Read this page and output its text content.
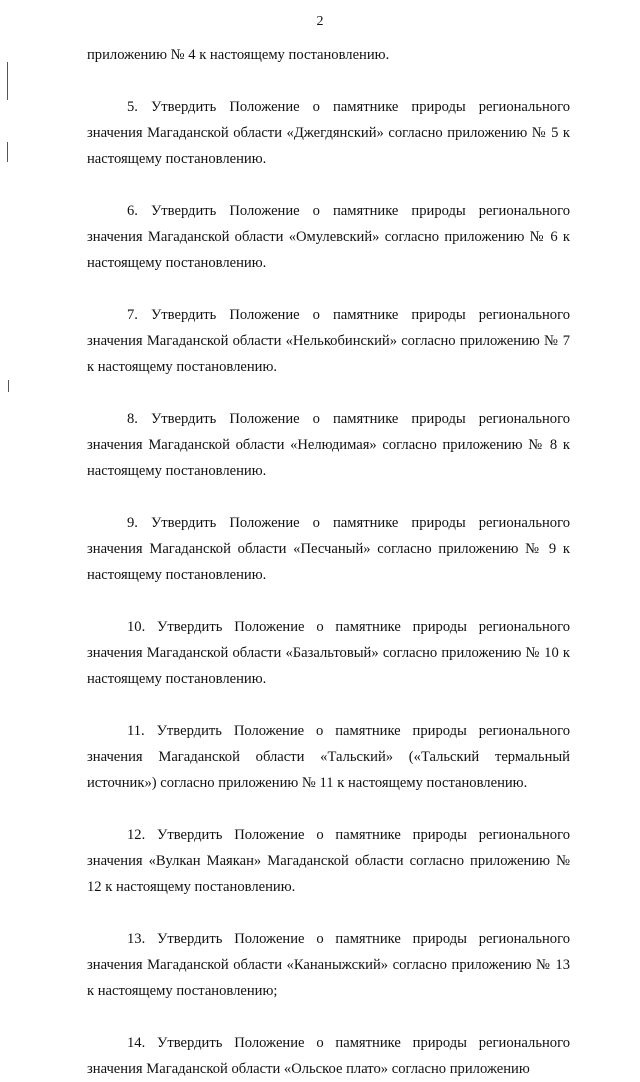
2

приложению № 4 к настоящему постановлению.

5. Утвердить Положение о памятнике природы регионального значения Магаданской области «Джегдянский» согласно приложению № 5 к настоящему постановлению.

6. Утвердить Положение о памятнике природы регионального значения Магаданской области «Омулевский» согласно приложению № 6 к настоящему постановлению.

7. Утвердить Положение о памятнике природы регионального значения Магаданской области «Нелькобинский» согласно приложению № 7 к настоящему постановлению.

8. Утвердить Положение о памятнике природы регионального значения Магаданской области «Нелюдимая» согласно приложению № 8 к настоящему постановлению.

9. Утвердить Положение о памятнике природы регионального значения Магаданской области «Песчаный» согласно приложению № 9 к настоящему постановлению.

10. Утвердить Положение о памятнике природы регионального значения Магаданской области «Базальтовый» согласно приложению № 10 к настоящему постановлению.

11. Утвердить Положение о памятнике природы регионального значения Магаданской области «Тальский» («Тальский термальный источник») согласно приложению № 11 к настоящему постановлению.

12. Утвердить Положение о памятнике природы регионального значения «Вулкан Маякан» Магаданской области согласно приложению № 12 к настоящему постановлению.

13. Утвердить Положение о памятнике природы регионального значения Магаданской области «Кананыжский» согласно приложению № 13 к настоящему постановлению;

14. Утвердить Положение о памятнике природы регионального значения Магаданской области «Ольское плато» согласно приложению
